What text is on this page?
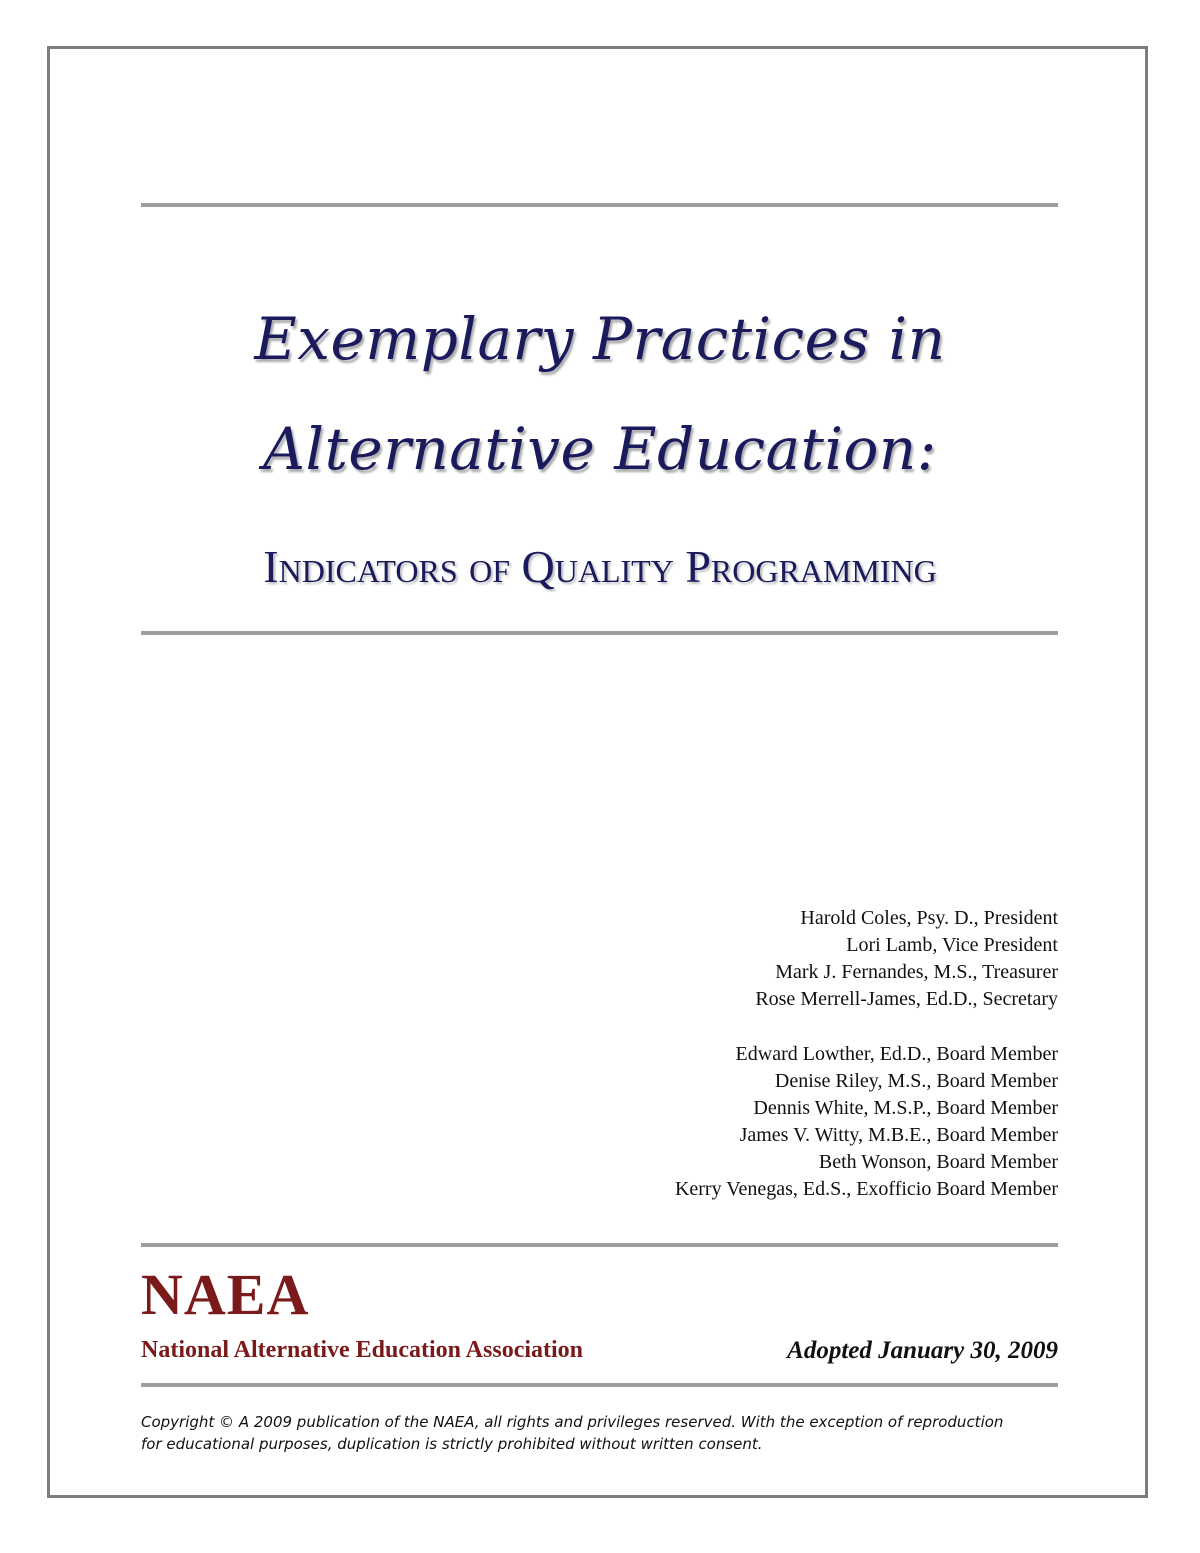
Exemplary Practices in
Alternative Education:
Indicators of Quality Programming
Harold Coles, Psy. D., President
Lori Lamb, Vice President
Mark J. Fernandes, M.S., Treasurer
Rose Merrell-James, Ed.D., Secretary
Edward Lowther, Ed.D., Board Member
Denise Riley, M.S., Board Member
Dennis White, M.S.P., Board Member
James V. Witty, M.B.E., Board Member
Beth Wonson, Board Member
Kerry Venegas, Ed.S., Exofficio Board Member
NAEA
National Alternative Education Association	Adopted January 30, 2009
Copyright © A 2009 publication of the NAEA, all rights and privileges reserved. With the exception of reproduction
for educational purposes, duplication is strictly prohibited without written consent.
